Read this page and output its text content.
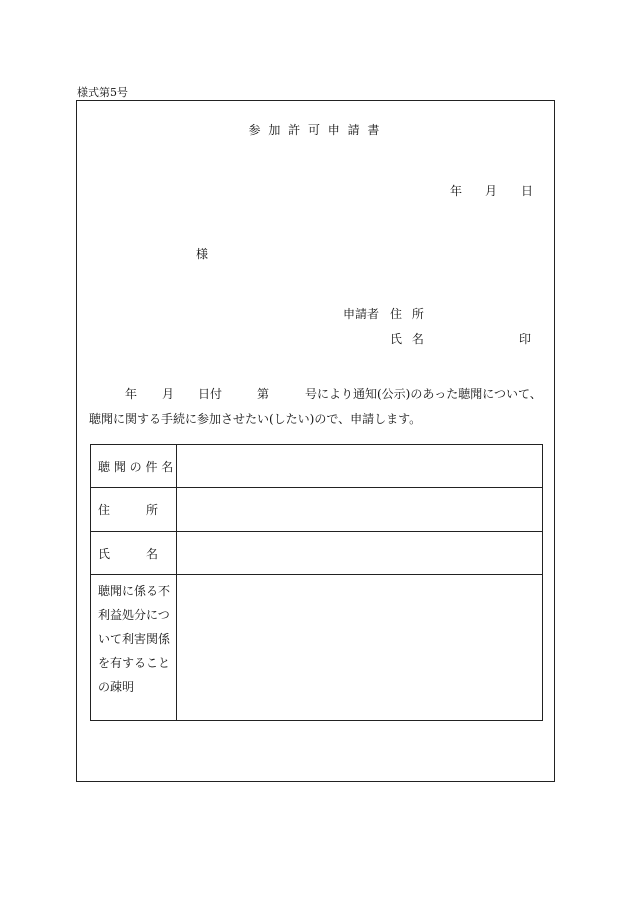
様式第5号
参 加 許 可 申 請 書
年 月 日
様
申請者 住 所
氏 名	印
年 月 日付	第	号により通知(公示)のあった聴聞について、
聴聞に関する手続に参加させたい(したい)ので、申請します。
聴 聞 の 件 名	
住　　　所	
氏　　　名	

聴聞に係る不
利益処分につ
いて利害関係
を有すること
の疎明	
